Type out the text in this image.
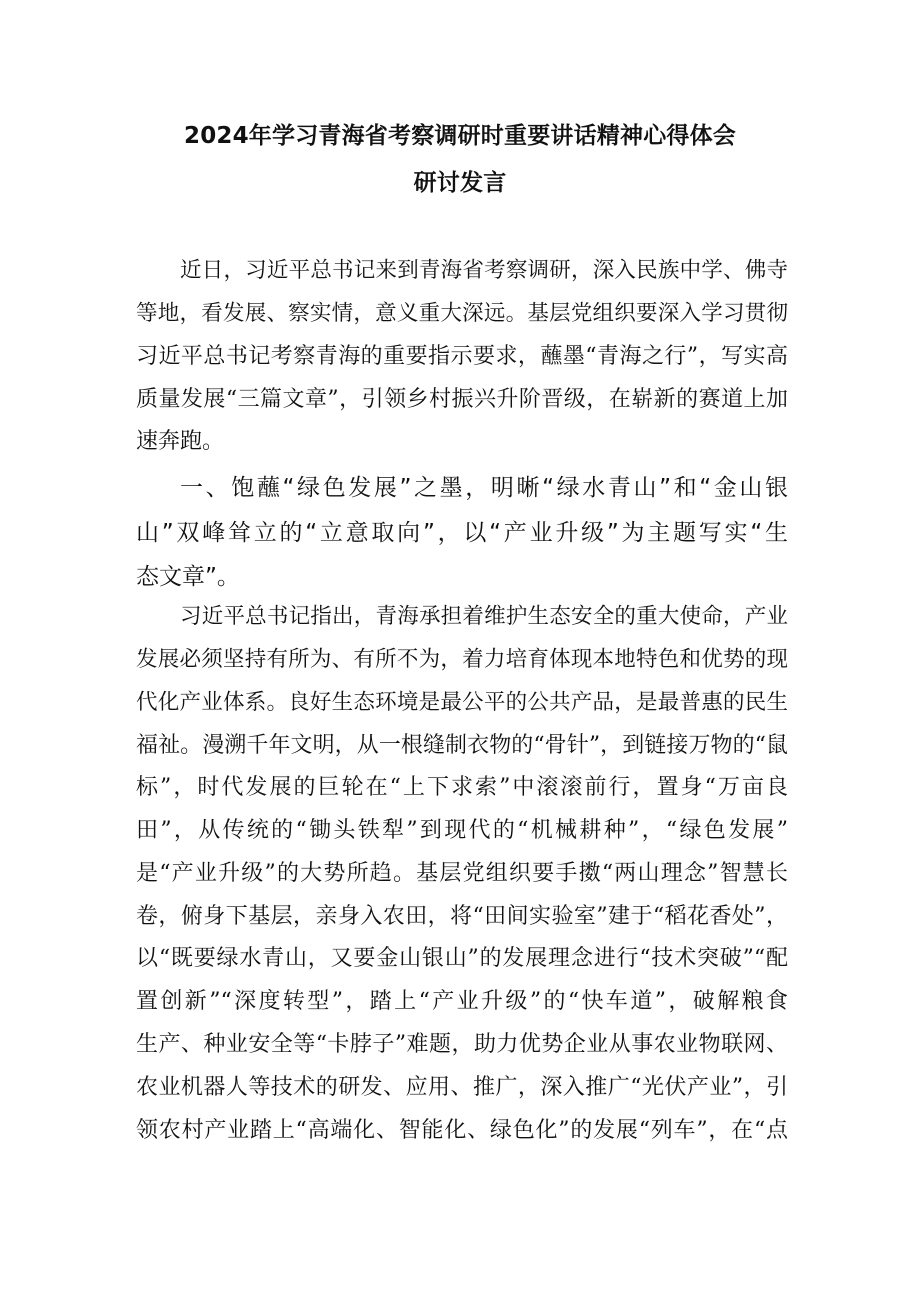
2024年学习青海省考察调研时重要讲话精神心得体会
研讨发言
近日，习近平总书记来到青海省考察调研，深入民族中学、佛寺
等地，看发展、察实情，意义重大深远。基层党组织要深入学习贯彻
习近平总书记考察青海的重要指示要求，蘸墨“青海之行”，写实高
质量发展“三篇文章”，引领乡村振兴升阶晋级，在崭新的赛道上加
速奔跑。
一、饱蘸“绿色发展”之墨，明晰“绿水青山”和“金山银
山”双峰耸立的“立意取向”，以“产业升级”为主题写实“生
态文章”。
习近平总书记指出，青海承担着维护生态安全的重大使命，产业
发展必须坚持有所为、有所不为，着力培育体现本地特色和优势的现
代化产业体系。良好生态环境是最公平的公共产品，是最普惠的民生
福祉。漫溯千年文明，从一根缝制衣物的“骨针”，到链接万物的“鼠
标”，时代发展的巨轮在“上下求索”中滚滚前行，置身“万亩良
田”，从传统的“锄头铁犁”到现代的“机械耕种”，“绿色发展”
是“产业升级”的大势所趋。基层党组织要手擞“两山理念”智慧长
卷，俯身下基层，亲身入农田，将“田间实验室”建于“稻花香处”，
以“既要绿水青山，又要金山银山”的发展理念进行“技术突破”“配
置创新”“深度转型”，踏上“产业升级”的“快车道”，破解粮食
生产、种业安全等“卡脖子”难题，助力优势企业从事农业物联网、
农业机器人等技术的研发、应用、推广，深入推广“光伏产业”，引
领农村产业踏上“高端化、智能化、绿色化”的发展“列车”，在“点
